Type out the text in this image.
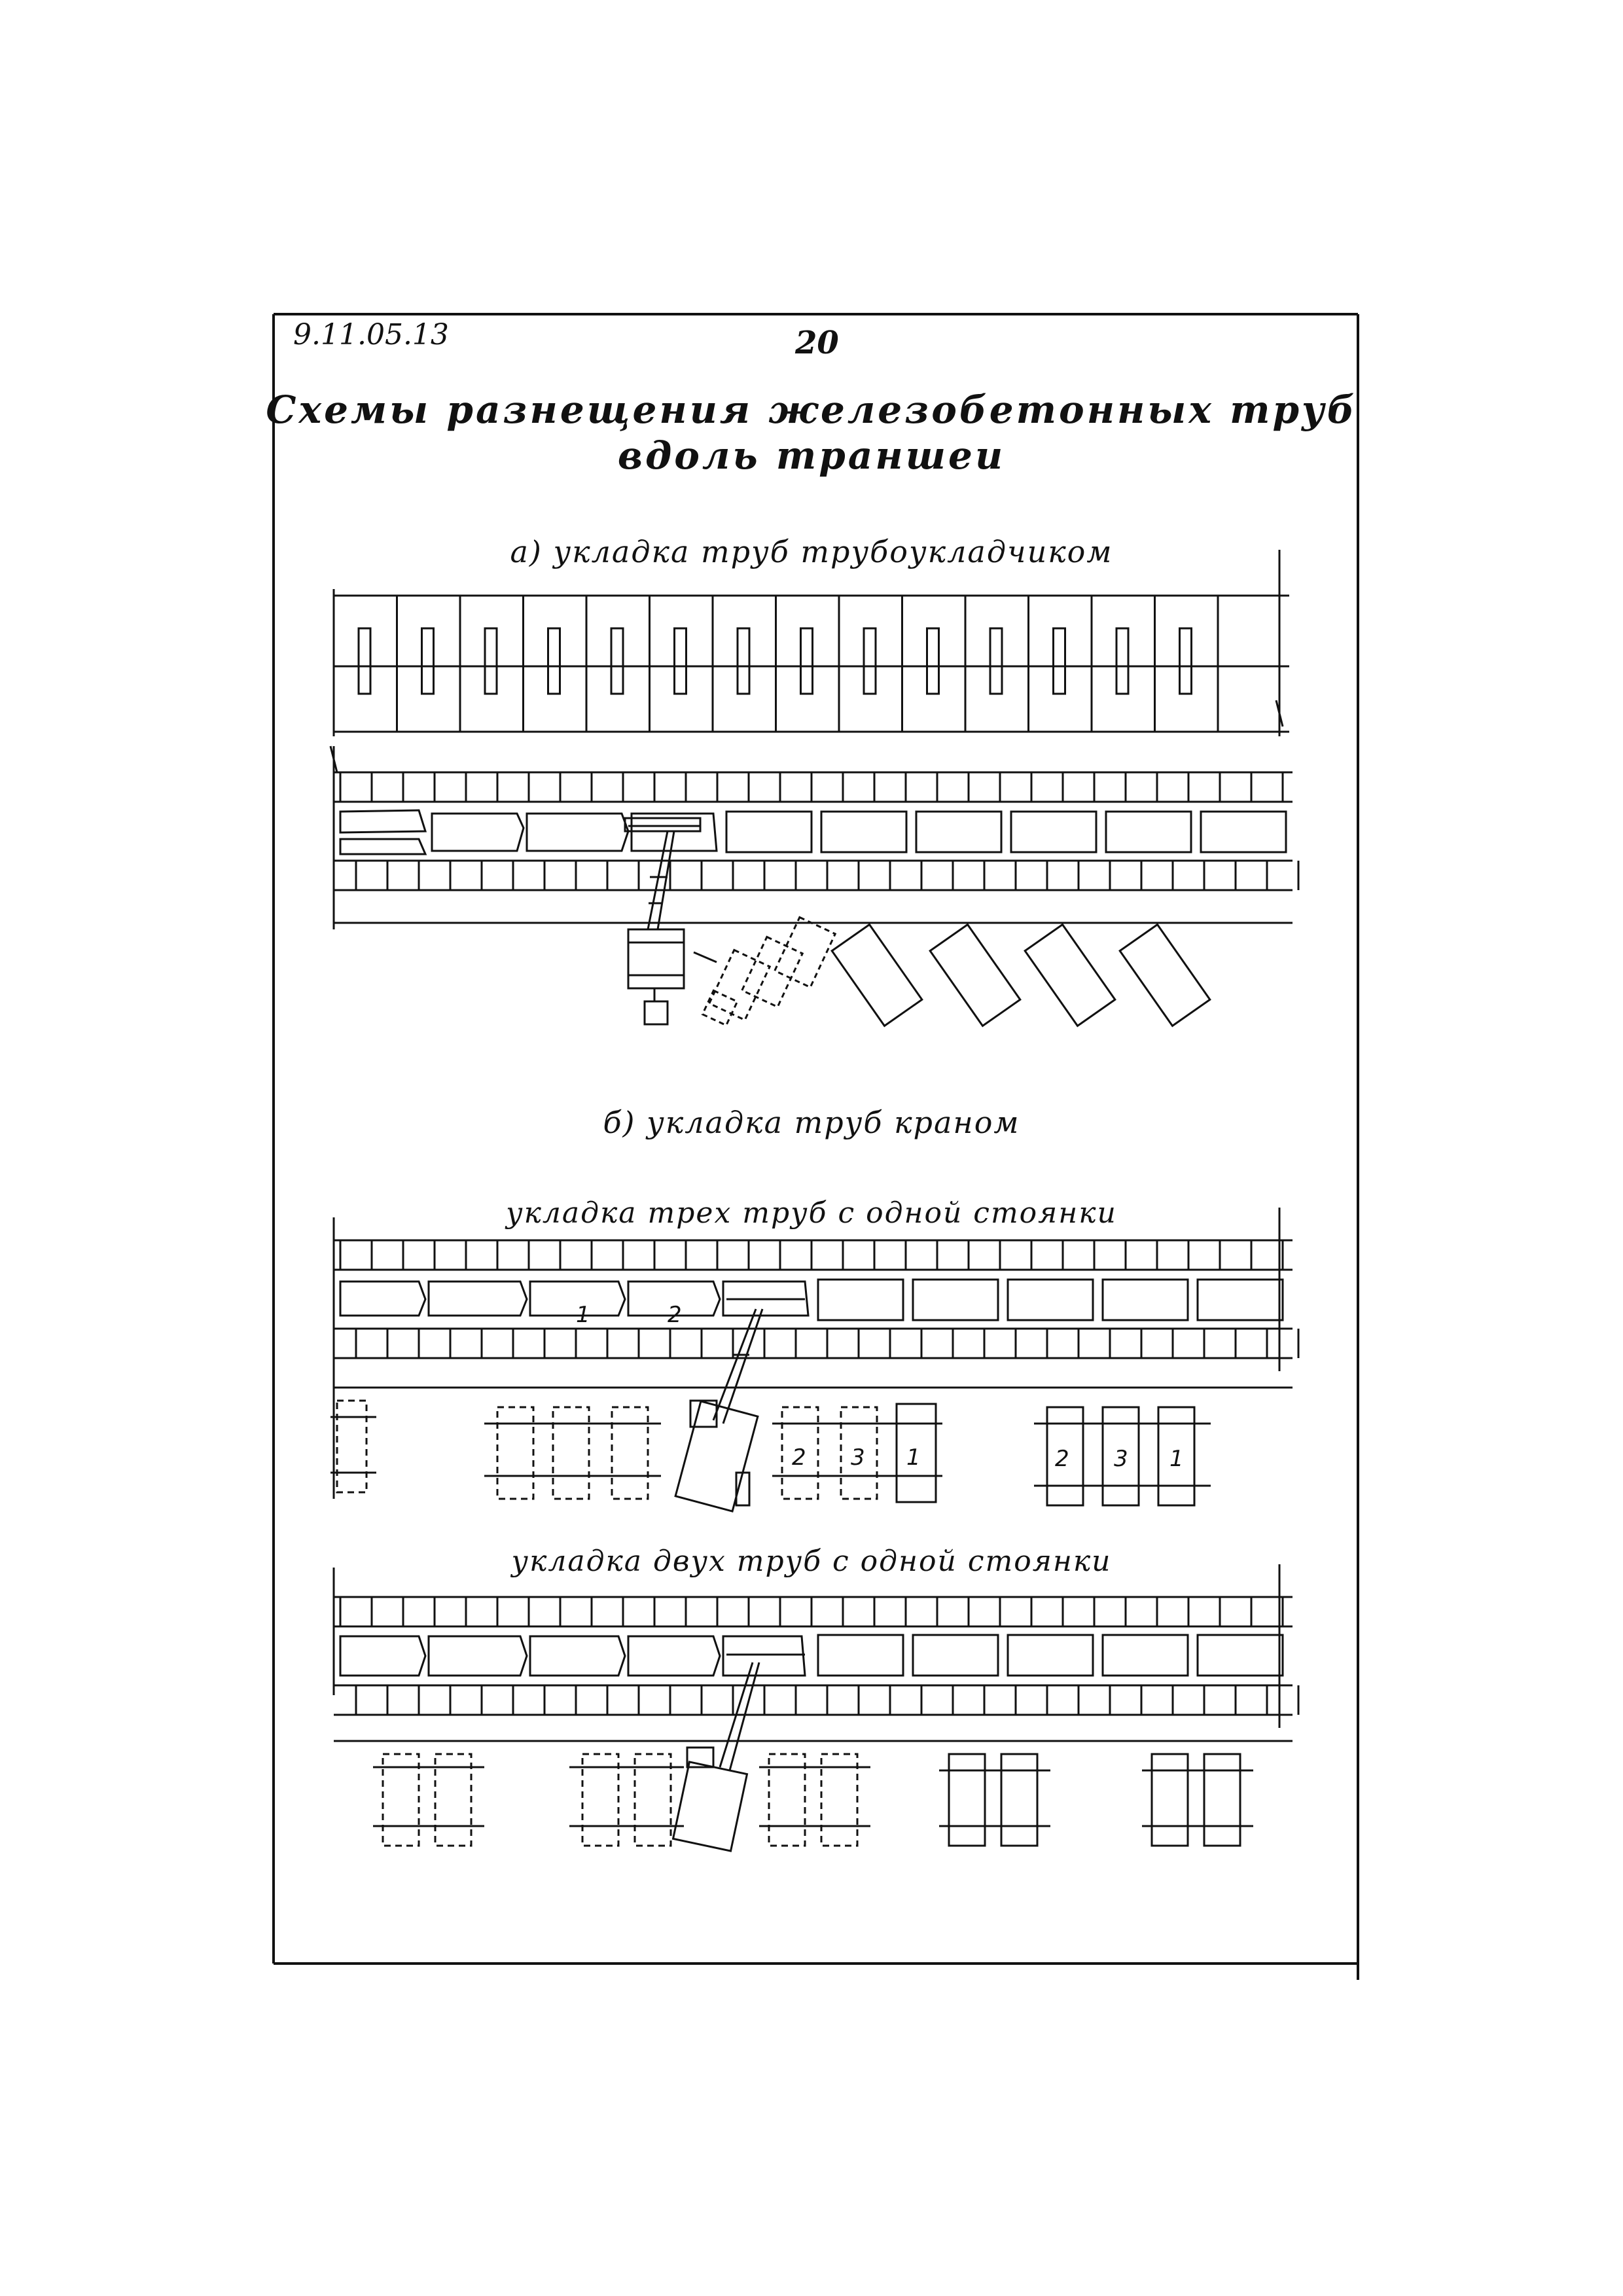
9.11.05.13	20
Схемы разнещения железобетонных труб
вдоль траншеи
а) укладка труб трубоукладчиком
б) укладка труб краном
укладка трех труб с одной стоянки
укладка двух труб с одной стоянки
1	2
2 3 1	2 3 1
